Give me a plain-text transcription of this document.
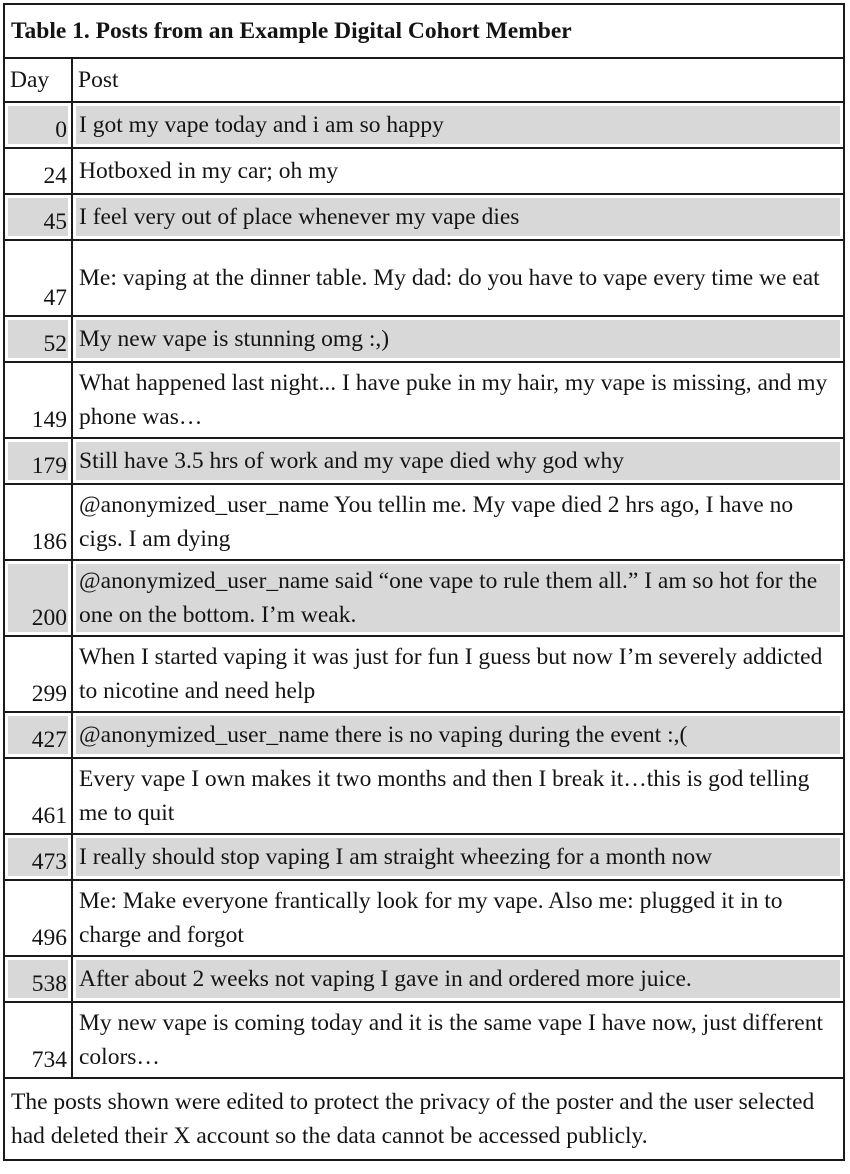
Table 1. Posts from an Example Digital Cohort Member	
Day	Post
0	I got my vape today and i am so happy
24	Hotboxed in my car; oh my
45	I feel very out of place whenever my vape dies
47	Me: vaping at the dinner table. My dad: do you have to vape every time we eat
52	My new vape is stunning omg :,)
149	What happened last night... I have puke in my hair, my vape is missing, and my phone was…
179	Still have 3.5 hrs of work and my vape died why god why
186	@anonymized_user_name You tellin me. My vape died 2 hrs ago, I have no cigs. I am dying
200	@anonymized_user_name said “one vape to rule them all.” I am so hot for the one on the bottom. I’m weak.
299	When I started vaping it was just for fun I guess but now I’m severely addicted to nicotine and need help
427	@anonymized_user_name there is no vaping during the event :,(
461	Every vape I own makes it two months and then I break it…this is god telling me to quit
473	I really should stop vaping I am straight wheezing for a month now
496	Me: Make everyone frantically look for my vape. Also me: plugged it in to charge and forgot
538	After about 2 weeks not vaping I gave in and ordered more juice.
734	My new vape is coming today and it is the same vape I have now, just different colors…
The posts shown were edited to protect the privacy of the poster and the user selected had deleted their X account so the data cannot be accessed publicly.	
